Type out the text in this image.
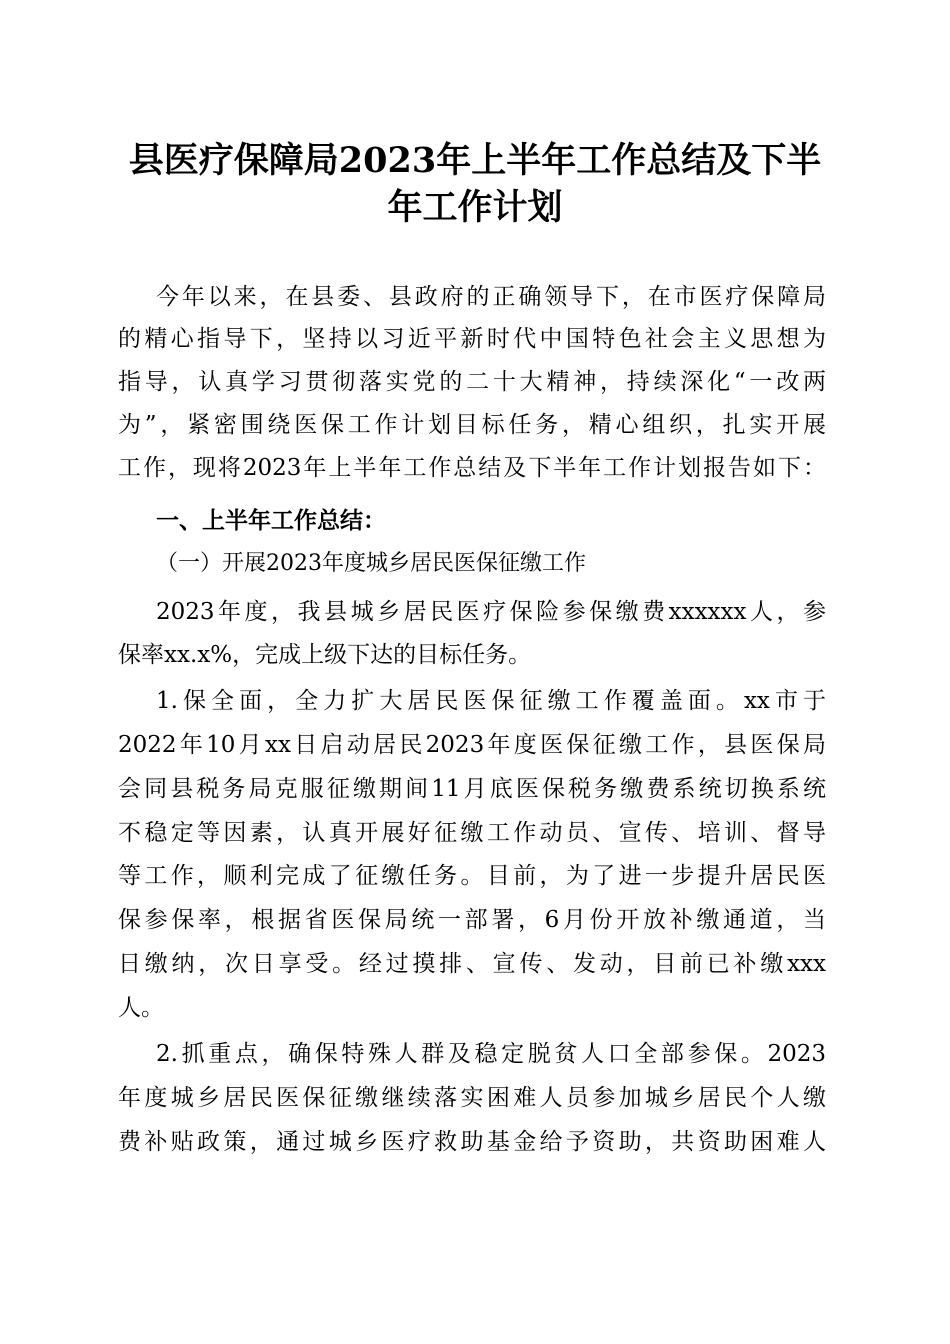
县医疗保障局2023年上半年工作总结及下半
年工作计划
今年以来，在县委、县政府的正确领导下，在市医疗保障局
的精心指导下，坚持以习近平新时代中国特色社会主义思想为
指导，认真学习贯彻落实党的二十大精神，持续深化“一改两
为”，紧密围绕医保工作计划目标任务，精心组织，扎实开展
工作，现将2023年上半年工作总结及下半年工作计划报告如下：
一、上半年工作总结：
（一）开展2023年度城乡居民医保征缴工作
2023年度，我县城乡居民医疗保险参保缴费xxxxxx人，参
保率xx.x%，完成上级下达的目标任务。
1.保全面，全力扩大居民医保征缴工作覆盖面。xx市于
2022年10月xx日启动居民2023年度医保征缴工作，县医保局
会同县税务局克服征缴期间11月底医保税务缴费系统切换系统
不稳定等因素，认真开展好征缴工作动员、宣传、培训、督导
等工作，顺利完成了征缴任务。目前，为了进一步提升居民医
保参保率，根据省医保局统一部署，6月份开放补缴通道，当
日缴纳，次日享受。经过摸排、宣传、发动，目前已补缴xxx
人。
2.抓重点，确保特殊人群及稳定脱贫人口全部参保。2023
年度城乡居民医保征缴继续落实困难人员参加城乡居民个人缴
费补贴政策，通过城乡医疗救助基金给予资助，共资助困难人
